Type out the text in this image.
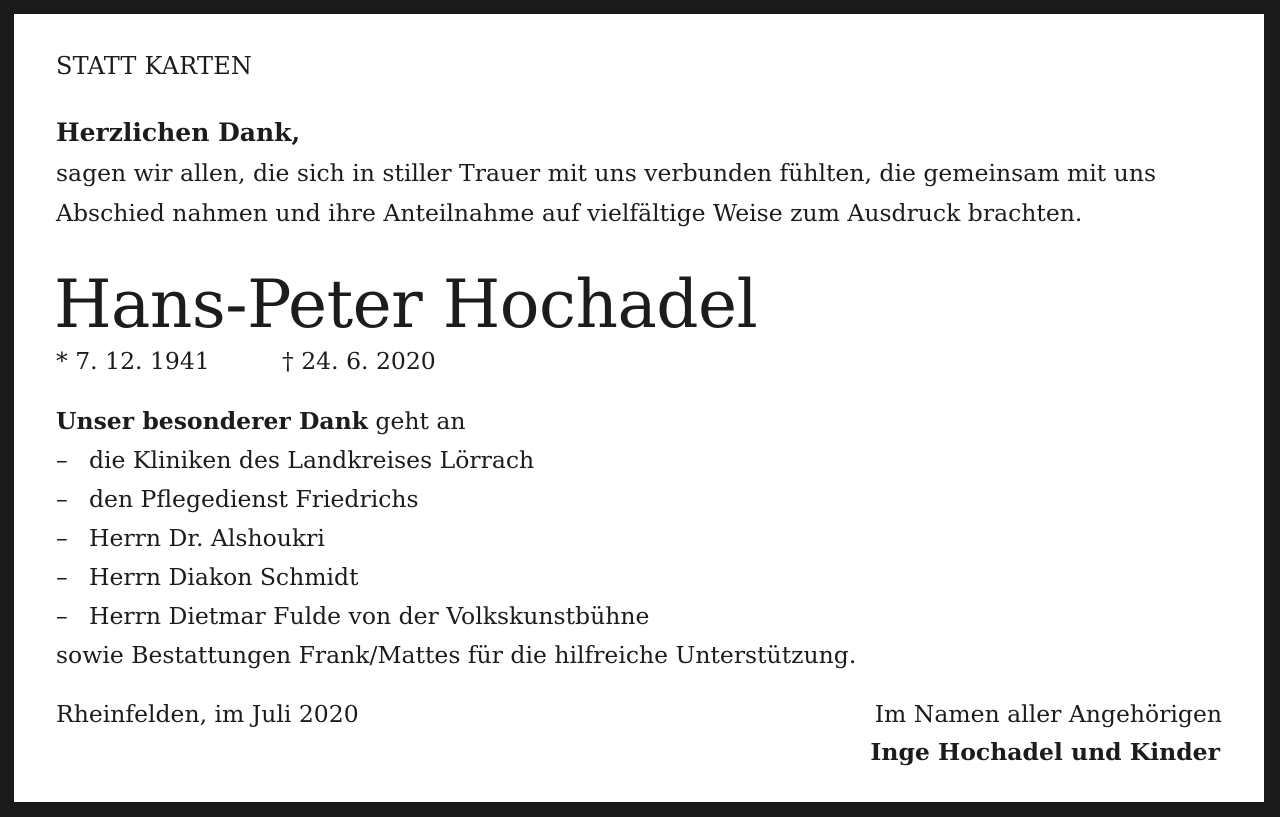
STATT KARTEN
Herzlichen Dank,
sagen wir allen, die sich in stiller Trauer mit uns verbunden fühlten, die gemeinsam mit uns
Abschied nahmen und ihre Anteilnahme auf vielfältige Weise zum Ausdruck brachten.
Hans-Peter Hochadel
* 7. 12. 1941	† 24. 6. 2020
Unser besonderer Dank geht an
– die Kliniken des Landkreises Lörrach
– den Pflegedienst Friedrichs
– Herrn Dr. Alshoukri
– Herrn Diakon Schmidt
– Herrn Dietmar Fulde von der Volkskunstbühne
sowie Bestattungen Frank/Mattes für die hilfreiche Unterstützung.
Rheinfelden, im Juli 2020	Im Namen aller Angehörigen
Inge Hochadel und Kinder
